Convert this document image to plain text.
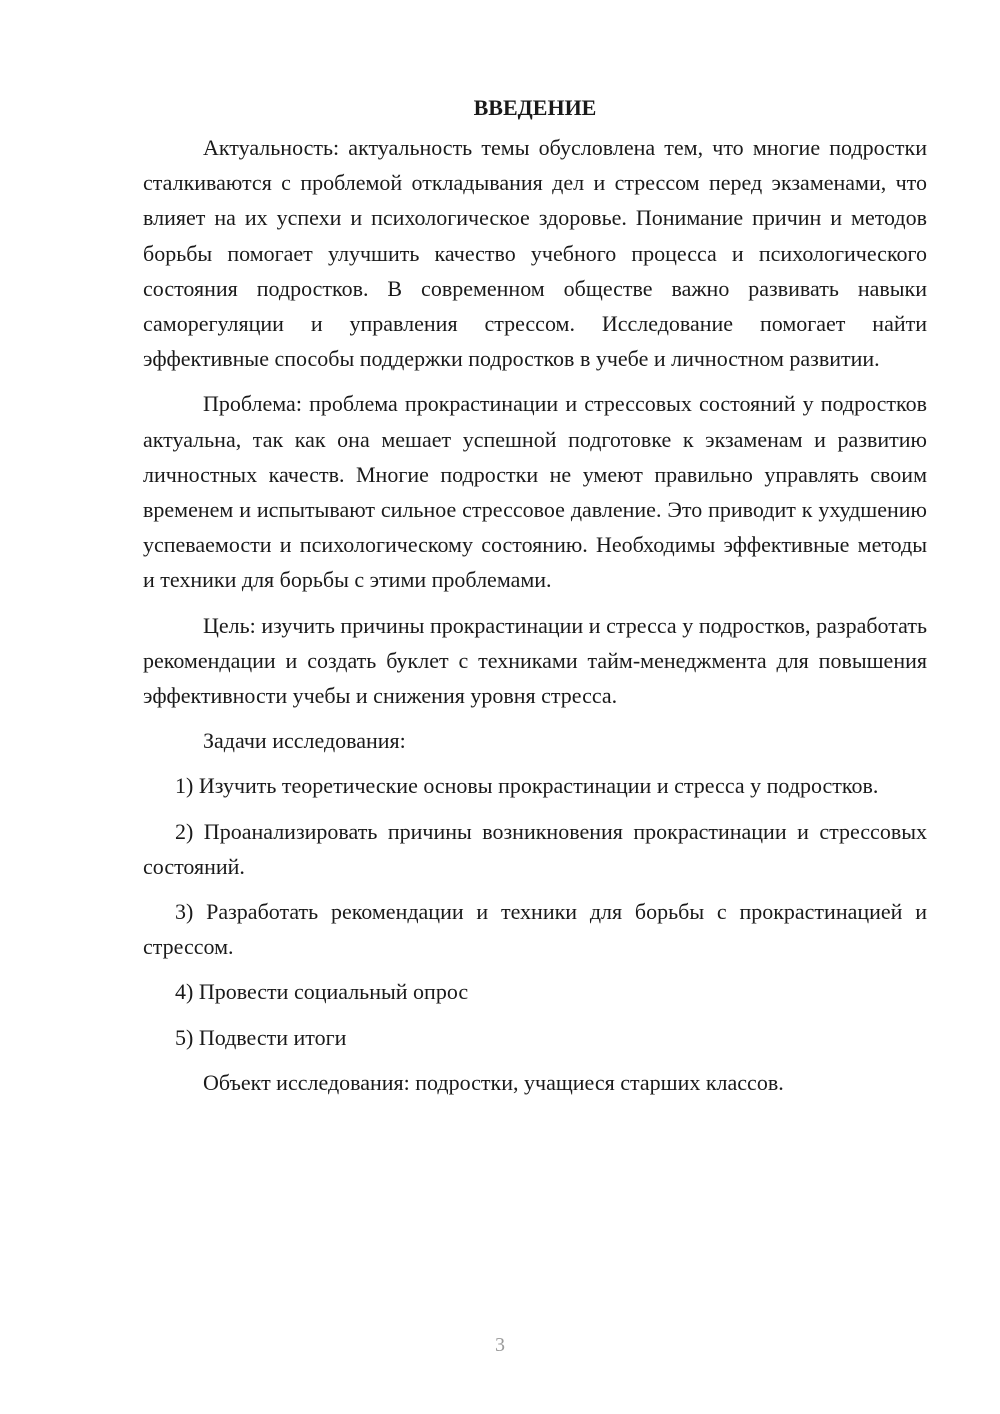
ВВЕДЕНИЕ

Актуальность: актуальность темы обусловлена тем, что многие подростки сталкиваются с проблемой откладывания дел и стрессом перед экзаменами, что влияет на их успехи и психологическое здоровье. Понимание причин и методов борьбы помогает улучшить качество учебного процесса и психологического состояния подростков. В современном обществе важно развивать навыки саморегуляции и управления стрессом. Исследование помогает найти эффективные способы поддержки подростков в учебе и личностном развитии.

Проблема: проблема прокрастинации и стрессовых состояний у подростков актуальна, так как она мешает успешной подготовке к экзаменам и развитию личностных качеств. Многие подростки не умеют правильно управлять своим временем и испытывают сильное стрессовое давление. Это приводит к ухудшению успеваемости и психологическому состоянию. Необходимы эффективные методы и техники для борьбы с этими проблемами.

Цель: изучить причины прокрастинации и стресса у подростков, разработать рекомендации и создать буклет с техниками тайм-менеджмента для повышения эффективности учебы и снижения уровня стресса.

Задачи исследования:

1) Изучить теоретические основы прокрастинации и стресса у подростков.

2) Проанализировать причины возникновения прокрастинации и стрессовых состояний.

3) Разработать рекомендации и техники для борьбы с прокрастинацией и стрессом.

4) Провести социальный опрос

5) Подвести итоги

Объект исследования: подростки, учащиеся старших классов.

3
